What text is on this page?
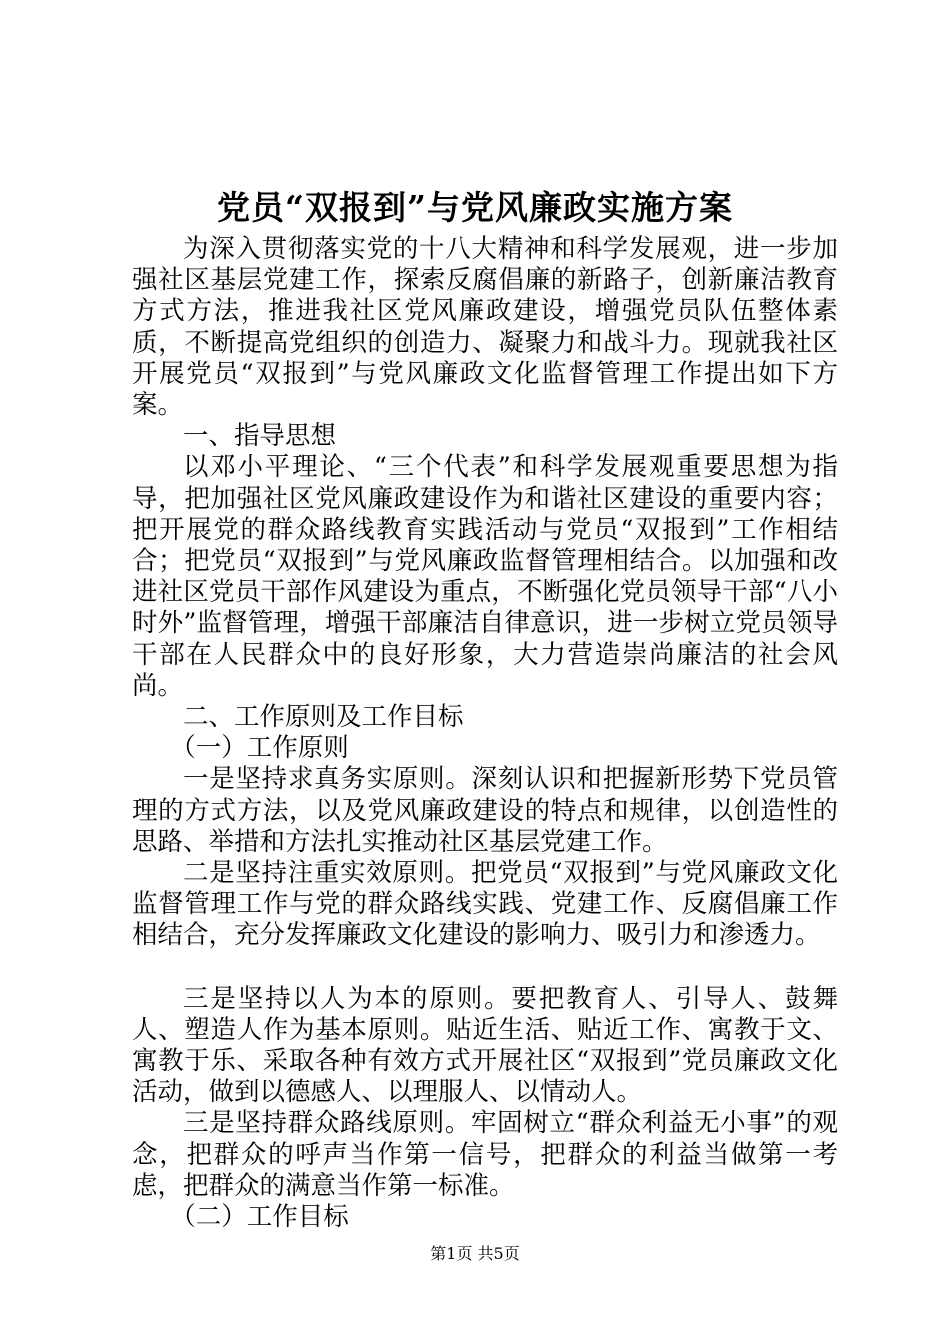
党员“双报到”与党风廉政实施方案

为深入贯彻落实党的十八大精神和科学发展观，进一步加强社区基层党建工作，探索反腐倡廉的新路子，创新廉洁教育方式方法，推进我社区党风廉政建设，增强党员队伍整体素质，不断提高党组织的创造力、凝聚力和战斗力。现就我社区开展党员“双报到”与党风廉政文化监督管理工作提出如下方案。

一、指导思想

以邓小平理论、“三个代表”和科学发展观重要思想为指导，把加强社区党风廉政建设作为和谐社区建设的重要内容；把开展党的群众路线教育实践活动与党员“双报到”工作相结合；把党员“双报到”与党风廉政监督管理相结合。以加强和改进社区党员干部作风建设为重点，不断强化党员领导干部“八小时外”监督管理，增强干部廉洁自律意识，进一步树立党员领导干部在人民群众中的良好形象，大力营造崇尚廉洁的社会风尚。

二、工作原则及工作目标

（一）工作原则

一是坚持求真务实原则。深刻认识和把握新形势下党员管理的方式方法，以及党风廉政建设的特点和规律，以创造性的思路、举措和方法扎实推动社区基层党建工作。

二是坚持注重实效原则。把党员“双报到”与党风廉政文化监督管理工作与党的群众路线实践、党建工作、反腐倡廉工作相结合，充分发挥廉政文化建设的影响力、吸引力和渗透力。

三是坚持以人为本的原则。要把教育人、引导人、鼓舞人、塑造人作为基本原则。贴近生活、贴近工作、寓教于文、寓教于乐、采取各种有效方式开展社区“双报到”党员廉政文化活动，做到以德感人、以理服人、以情动人。

三是坚持群众路线原则。牢固树立“群众利益无小事”的观念，把群众的呼声当作第一信号，把群众的利益当做第一考虑，把群众的满意当作第一标准。

（二）工作目标

第1页 共5页
